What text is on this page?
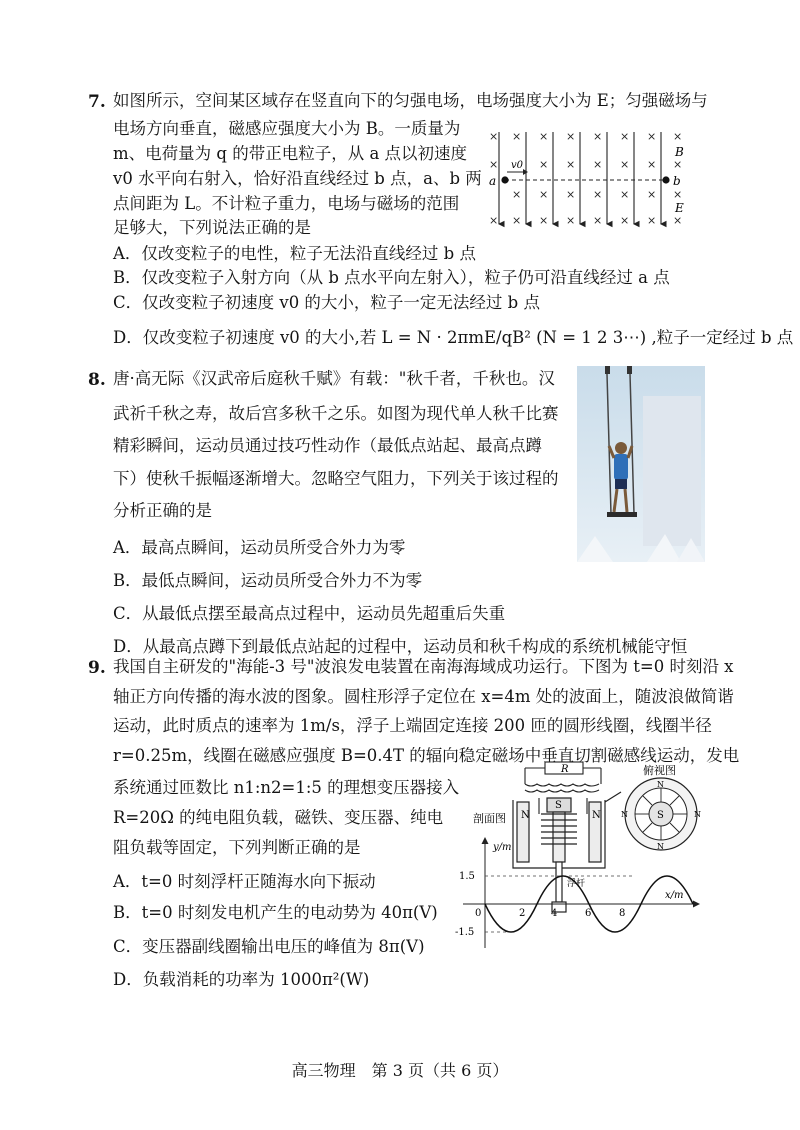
7. 如图所示，空间某区域存在竖直向下的匀强电场，电场强度大小为 E；匀强磁场与
电场方向垂直，磁感应强度大小为 B。一质量为
m、电荷量为 q 的带正电粒子，从 a 点以初速度
v0 水平向右射入，恰好沿直线经过 b 点，a、b 两
点间距为 L。不计粒子重力，电场与磁场的范围
足够大，下列说法正确的是
A．仅改变粒子的电性，粒子无法沿直线经过 b 点
B．仅改变粒子入射方向（从 b 点水平向左射入），粒子仍可沿直线经过 a 点
C．仅改变粒子初速度 v0 的大小，粒子一定无法经过 b 点
D．仅改变粒子初速度 v0 的大小,若 L = N · 2πmE/qB² (N = 1 2 3⋯) ,粒子一定经过 b 点
× × × × × × × ×
×	× × × × × ×
× × × × × × ×
× × × × × × × ×
a	b
v0
B
E
8. 唐·高无际《汉武帝后庭秋千赋》有载："秋千者，千秋也。汉
武祈千秋之寿，故后宫多秋千之乐。如图为现代单人秋千比赛
精彩瞬间，运动员通过技巧性动作（最低点站起、最高点蹲
下）使秋千振幅逐渐增大。忽略空气阻力，下列关于该过程的
分析正确的是
A．最高点瞬间，运动员所受合外力为零
B．最低点瞬间，运动员所受合外力不为零
C．从最低点摆至最高点过程中，运动员先超重后失重
D．从最高点蹲下到最低点站起的过程中，运动员和秋千构成的系统机械能守恒
9. 我国自主研发的"海能-3 号"波浪发电装置在南海海域成功运行。下图为 t=0 时刻沿 x
轴正方向传播的海水波的图象。圆柱形浮子定位在 x=4m 处的波面上，随波浪做简谐
运动，此时质点的速率为 1m/s，浮子上端固定连接 200 匝的圆形线圈，线圈半径
r=0.25m，线圈在磁感应强度 B=0.4T 的辐向稳定磁场中垂直切割磁感线运动，发电
系统通过匝数比 n1:n2=1:5 的理想变压器接入
R=20Ω 的纯电阻负载，磁铁、变压器、纯电
阻负载等固定，下列判断正确的是
A．t=0 时刻浮杆正随海水向下振动
B．t=0 时刻发电机产生的电动势为 40π(V)
C．变压器副线圈输出电压的峰值为 8π(V)
D．负载消耗的功率为 1000π²(W)
R
N	N
S
剖面图
俯视图
S
N
N
N	N
y/m
x/m
1.5
-1.5
0	2	4	6	8
浮杆
高三物理　第 3 页（共 6 页）
